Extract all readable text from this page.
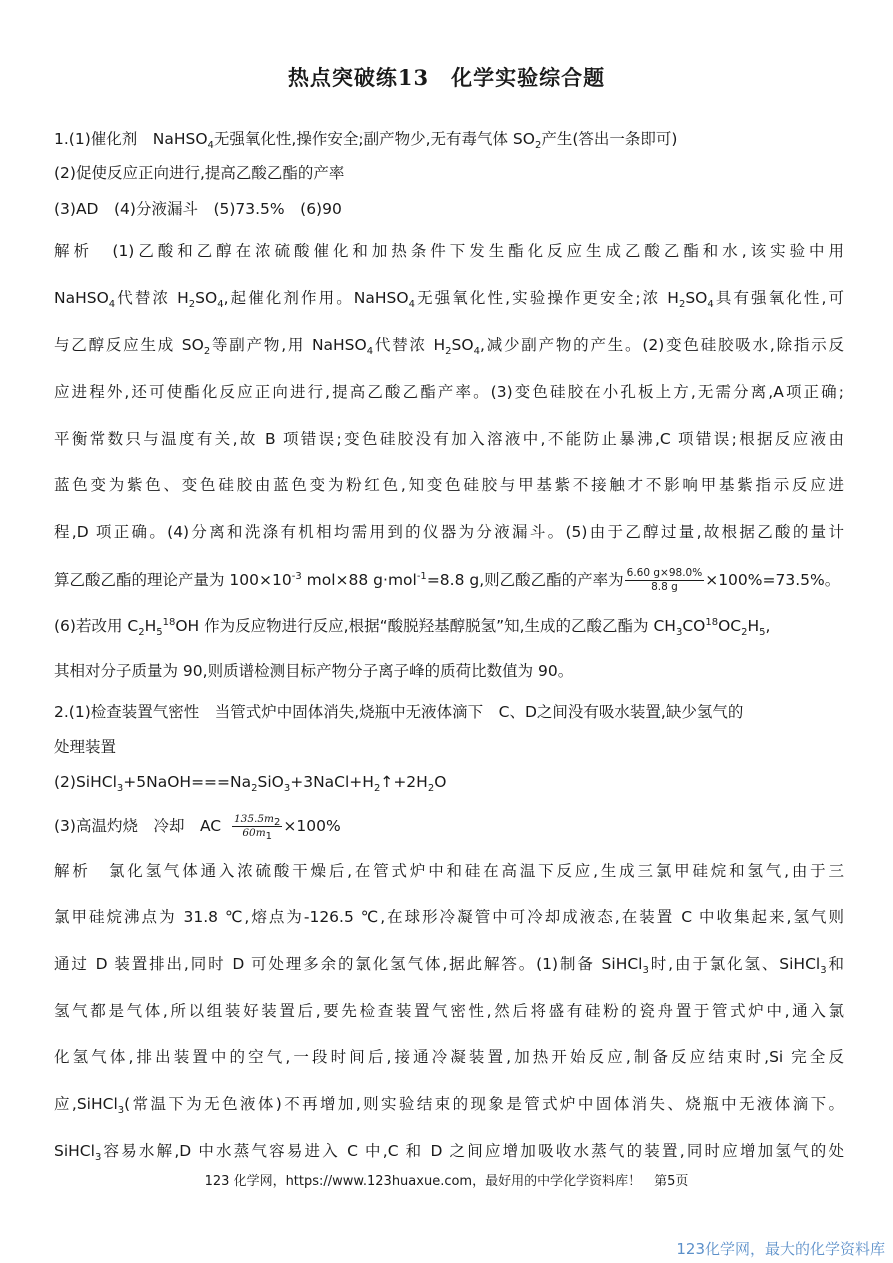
热点突破练13　化学实验综合题
1.(1)催化剂　NaHSO$_4$无强氧化性,操作安全;副产物少,无有毒气体 $SO_2$产生(答出一条即可)
(2)促使反应正向进行,提高乙酸乙酯的产率
(3)AD　(4)分液漏斗　(5)73.5%　(6)90
解析　(1)乙酸和乙醇在浓硫酸催化和加热条件下发生酯化反应生成乙酸乙酯和水,该实验中用
NaHSO$_4$代替浓 $H_2SO_4$,起催化剂作用。NaHSO$_4$无强氧化性,实验操作更安全;浓 $H_2SO_4$具有强氧化性,可
与乙醇反应生成 $SO_2$等副产物,用 NaHSO$_4$代替浓 $H_2SO_4$,减少副产物的产生。(2)变色硅胶吸水,除指示反
应进程外,还可使酯化反应正向进行,提高乙酸乙酯产率。(3)变色硅胶在小孔板上方,无需分离,A项正确;
平衡常数只与温度有关,故 B 项错误;变色硅胶没有加入溶液中,不能防止暴沸,C 项错误;根据反应液由
蓝色变为紫色、变色硅胶由蓝色变为粉红色,知变色硅胶与甲基紫不接触才不影响甲基紫指示反应进
程,D 项正确。(4)分离和洗涤有机相均需用到的仪器为分液漏斗。(5)由于乙醇过量,故根据乙酸的量计
算乙酸乙酯的理论产量为 $100\times 10^{-3}$ mol×88 g·mol$^{-1}$=8.8 g,则乙酸乙酯的产率为 $\frac{6.60 g\times 98.0\%}{8.8 g} \times 100\%=73.5\%$。
(6)若改用 $C_2H_5^{18}OH$ 作为反应物进行反应,根据“酸脱羟基醇脱氢”知,生成的乙酸乙酯为 $CH_3CO^{18}OC_2H_5$,
其相对分子质量为 90,则质谱检测目标产物分子离子峰的质荷比数值为 90。
2.(1)检查装置气密性　当管式炉中固体消失,烧瓶中无液体滴下　C、D之间没有吸水装置,缺少氢气的
处理装置
$(2)SiHCl_3+5NaOH===Na_2SiO_3+3NaCl+H_2↑+2H_2O$
(3)高温灼烧　冷却　AC $\frac{135.5m_2}{60m_1} \times 100\%$
解析　氯化氢气体通入浓硫酸干燥后,在管式炉中和硅在高温下反应,生成三氯甲硅烷和氢气,由于三
氯甲硅烷沸点为 31.8 ℃,熔点为-126.5 ℃,在球形冷凝管中可冷却成液态,在装置 C 中收集起来,氢气则
通过 D 装置排出,同时 D 可处理多余的氯化氢气体,据此解答。(1)制备 SiHCl$_3$时,由于氯化氢、SiHCl$_3$和
氢气都是气体,所以组装好装置后,要先检查装置气密性,然后将盛有硅粉的瓷舟置于管式炉中,通入氯
化氢气体,排出装置中的空气,一段时间后,接通冷凝装置,加热开始反应,制备反应结束时,Si 完全反
应,SiHCl$_3$(常温下为无色液体)不再增加,则实验结束的现象是管式炉中固体消失、烧瓶中无液体滴下。
SiHCl$_3$容易水解,D 中水蒸气容易进入 C 中,C 和 D 之间应增加吸收水蒸气的装置,同时应增加氢气的处
123 化学网，https://www.123huaxue.com，最好用的中学化学资料库！　第5页
123化学网，最大的化学资料库
